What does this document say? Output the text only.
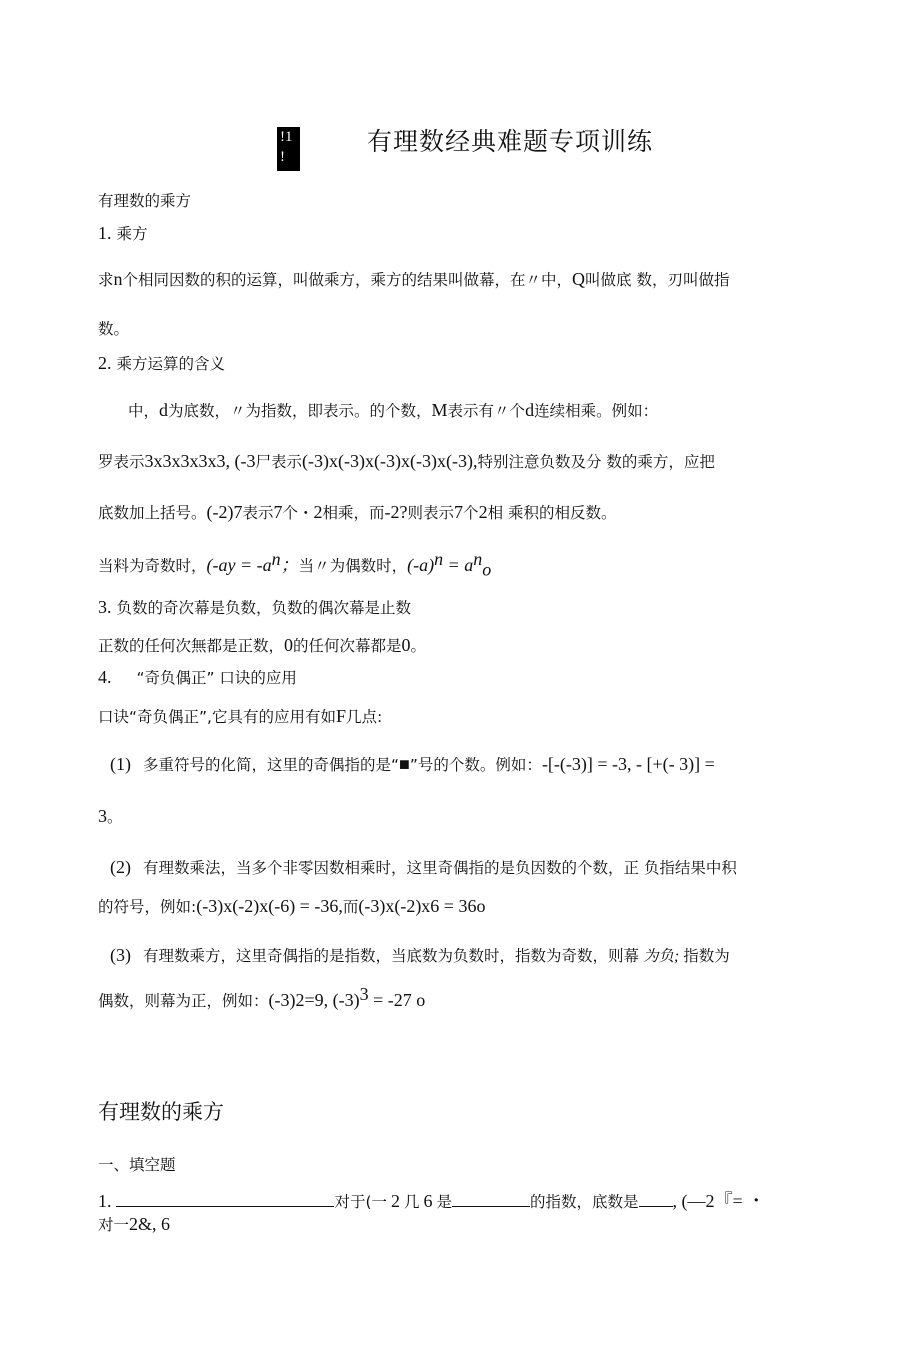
!1
!
有理数经典难题专项训练
有理数的乘方
1. 乘方
求n个相同因数的积的运算，叫做乘方，乘方的结果叫做幕，在〃中，Q叫做底 数，刃叫做指
数。
2. 乘方运算的含义
中，d为底数，〃为指数，即表示。的个数，M表示有〃个d连续相乘。例如：
罗表示3x3x3x3x3, (-3尸表示(-3)x(-3)x(-3)x(-3)x(-3),特别注意负数及分 数的乘方，应把
底数加上括号。(-2)7表示7个・2相乘，而-2?则表示7个2相 乘积的相反数。
当料为奇数时，($-ay = -a^n$；当〃为偶数时，$(-a)^n = a^n_o$
3. 负数的奇次幕是负数，负数的偶次幕是止数
正数的任何次無都是正数，0的任何次幕都是0。
4. “奇负偶正” 口诀的应用
口诀“奇负偶正”,它具有的应用有如F几点:
(1) 多重符号的化简，这里的奇偶指的是“■”号的个数。例如：-[-(-3)] = -3, - [+(- 3)] =
3。
(2) 有理数乘法，当多个非零因数相乘时，这里奇偶指的是负因数的个数，正 负指结果中积
的符号，例如:(-3)x(-2)x(-6) = -36,而(-3)x(-2)x6 = 36o
(3) 有理数乘方，这里奇偶指的是指数，当底数为负数时，指数为奇数，则幕 为负; 指数为
偶数，则幕为正，例如：(-3)2=9, $(-3)^3 = -27$ o
有理数的乘方
一、填空题
1.	对于(一 2 几 6 是	的指数，底数是 , (—2『= ・
对一2&, 6
